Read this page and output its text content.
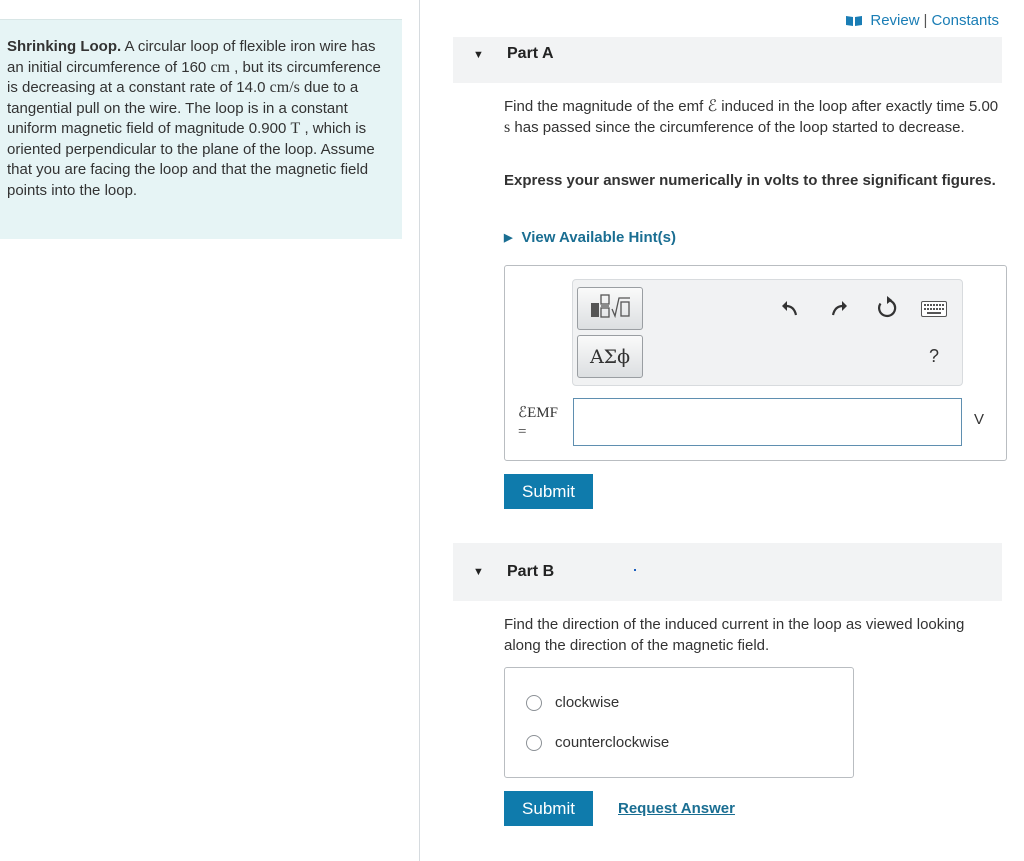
Shrinking Loop. A circular loop of flexible iron wire has an initial circumference of 160 cm , but its circumference is decreasing at a constant rate of 14.0 cm/s due to a tangential pull on the wire. The loop is in a constant uniform magnetic field of magnitude 0.900 T , which is oriented perpendicular to the plane of the loop. Assume that you are facing the loop and that the magnetic field points into the loop.
Review | Constants
▼ Part A
Find the magnitude of the emf ℰ induced in the loop after exactly time 5.00 s has passed since the circumference of the loop started to decrease.
Express your answer numerically in volts to three significant figures.
▶ View Available Hint(s)
ΑΣϕ	?
ℰEMF
=
V
Submit
▼ Part B
Find the direction of the induced current in the loop as viewed looking along the direction of the magnetic field.
clockwise
counterclockwise
Submit	Request Answer
